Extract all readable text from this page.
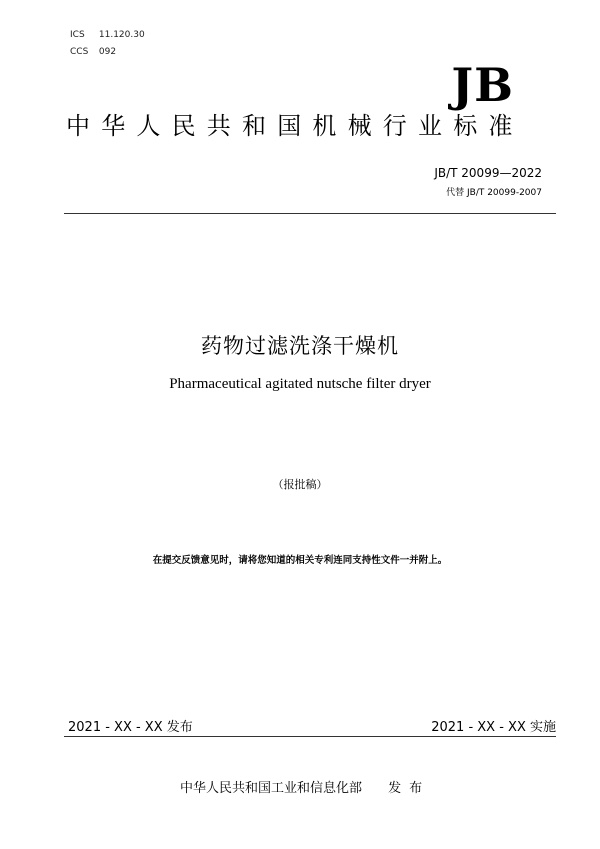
ICS 11.120.30
CCS 092
JB
中华人民共和国机械行业标准
JB/T 20099—2022
代替 JB/T 20099-2007
药物过滤洗涤干燥机
Pharmaceutical agitated nutsche filter dryer
（报批稿）
在提交反馈意见时，请将您知道的相关专利连同支持性文件一并附上。
2021 - XX - XX 发布	2021 - XX - XX 实施
中华人民共和国工业和信息化部 发布
